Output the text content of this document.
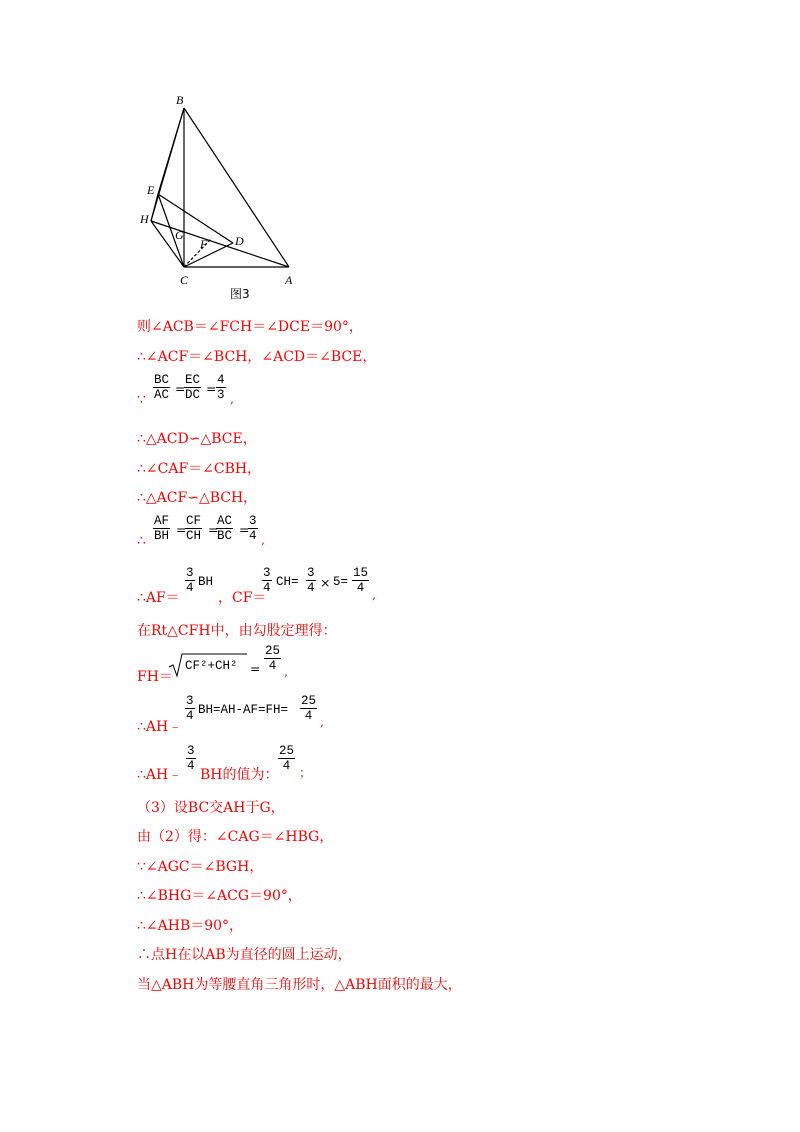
B
E
H
G
F D
C	A
图3
则∠ACB＝∠FCH＝∠DCE＝90°，
∴∠ACF＝∠BCH，∠ACD＝∠BCE，
∵ $\frac{BC}{AC}$ =
$\frac{EC}{DC} = \frac{4}{3}$ ,
∴△ACD∽△BCE，
∴∠CAF＝∠CBH，
∴△ACF∽△BCH，
∴ $\frac{AF}{BH}$ =
$\frac{CF}{CH}$ =
$\frac{AC}{BC}$ =
$\frac{3}{4}$ ,
∴AF＝
$\frac{3}{4}$ BH
，CF＝
$\frac{3}{4} CH= \frac{3}{4} \times 5= \frac{15}{4}$ ,
在Rt△CFH中，由勾股定理得：
FH＝
$CF^2+CH^2 = \frac{25}{4}$ ,
∴AH﹣
$\frac{3}{4} BH=AH-AF=FH= \frac{25}{4}$ ,
∴AH﹣
$\frac{3}{4}$
BH的值为：
$\frac{25}{4}$ ；
（3）设BC交AH于G，
由（2）得：∠CAG＝∠HBG，
∵∠AGC＝∠BGH，
∴∠BHG＝∠ACG＝90°，
∴∠AHB＝90°，
∴点H在以AB为直径的圆上运动，
当△ABH为等腰直角三角形时，△ABH面积的最大，
